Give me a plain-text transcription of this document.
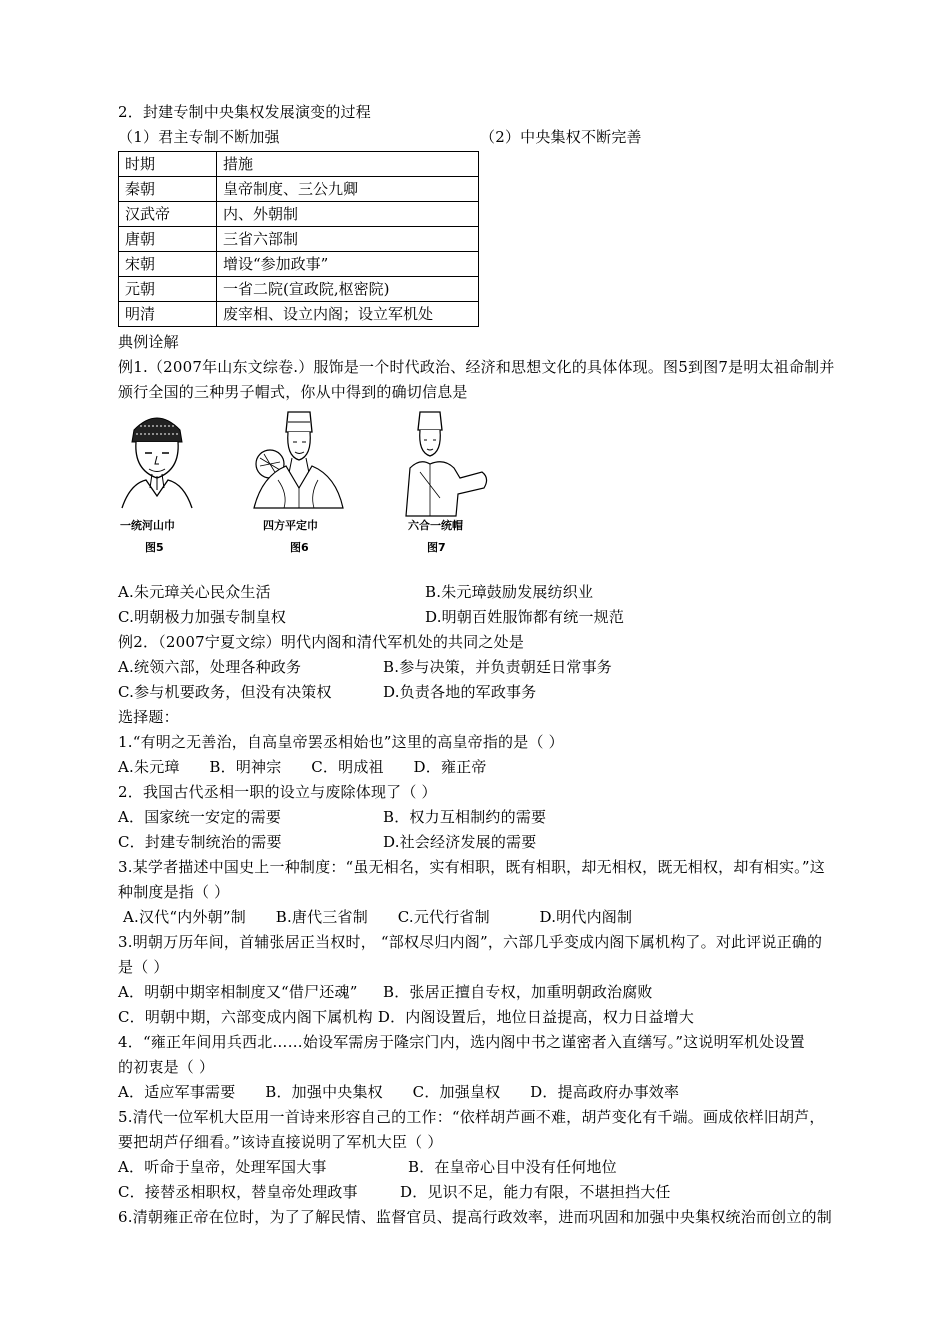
2．封建专制中央集权发展演变的过程
（1）君主专制不断加强	（2）中央集权不断完善
时期	措施
秦朝	皇帝制度、三公九卿
汉武帝	内、外朝制
唐朝	三省六部制
宋朝	增设“参加政事”
元朝	一省二院(宣政院,枢密院)
明清	废宰相、设立内阁；设立军机处
典例诠解
例1.（2007年山东文综卷.）服饰是一个时代政治、经济和思想文化的具体体现。图5到图7是明太祖命制并
颁行全国的三种男子帽式，你从中得到的确切信息是
一统河山巾
图5
四方平定巾
图6
六合一统帽
图7
A.朱元璋关心民众生活	B.朱元璋鼓励发展纺织业
C.明朝极力加强专制皇权	D.明朝百姓服饰都有统一规范
例2．（2007宁夏文综）明代内阁和清代军机处的共同之处是
A.统领六部，处理各种政务	B.参与决策，并负责朝廷日常事务
C.参与机要政务，但没有决策权	D.负责各地的军政事务
选择题：
1.“有明之无善治，自高皇帝罢丞相始也”这里的高皇帝指的是（ ）
A.朱元璋      B．明神宗      C．明成祖      D．雍正帝
2．我国古代丞相一职的设立与废除体现了（ ）
A．国家统一安定的需要	B．权力互相制约的需要
C．封建专制统治的需要	D.社会经济发展的需要
3.某学者描述中国史上一种制度：“虽无相名，实有相职，既有相职，却无相权，既无相权，却有相实。”这
种制度是指（ ）
A.汉代“内外朝”制      B.唐代三省制      C.元代行省制          D.明代内阁制
3.明朝万历年间，首辅张居正当权时， “部权尽归内阁”，六部几乎变成内阁下属机构了。对此评说正确的
是（ ）
A．明朝中期宰相制度又“借尸还魂” B．张居正擅自专权，加重明朝政治腐败
C．明朝中期，六部变成内阁下属机构 D．内阁设置后，地位日益提高，权力日益增大
4．“雍正年间用兵西北……始设军需房于隆宗门内，选内阁中书之谨密者入直缮写。”这说明军机处设置
的初衷是（ ）
A．适应军事需要      B．加强中央集权      C．加强皇权      D．提高政府办事效率
5.清代一位军机大臣用一首诗来形容自己的工作：“依样胡芦画不难，胡芦变化有千端。画成依样旧胡芦，
要把胡芦仔细看。”该诗直接说明了军机大臣（ ）
A．听命于皇帝，处理军国大事	B．在皇帝心目中没有任何地位
C．接替丞相职权，替皇帝处理政事	D．见识不足，能力有限，不堪担挡大任
6.清朝雍正帝在位时，为了了解民情、监督官员、提高行政效率，进而巩固和加强中央集权统治而创立的制
